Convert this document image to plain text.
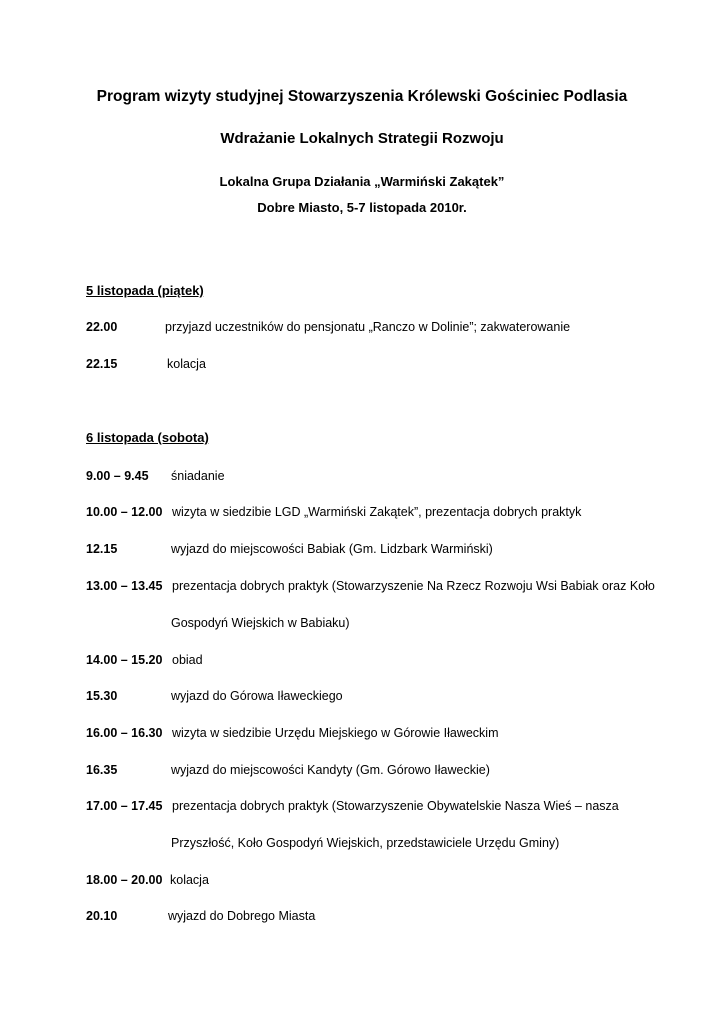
Program wizyty studyjnej Stowarzyszenia Królewski Gościniec Podlasia
Wdrażanie Lokalnych Strategii Rozwoju
Lokalna Grupa Działania „Warmiński Zakątek”
Dobre Miasto, 5-7 listopada 2010r.
5 listopada (piątek)
22.00	przyjazd uczestników do pensjonatu „Ranczo w Dolinie”; zakwaterowanie
22.15	kolacja
6 listopada (sobota)
9.00 – 9.45 śniadanie
10.00 – 12.00 wizyta w siedzibie LGD „Warmiński Zakątek”, prezentacja dobrych praktyk
12.15	wyjazd do miejscowości Babiak (Gm. Lidzbark Warmiński)
13.00 – 13.45 prezentacja dobrych praktyk (Stowarzyszenie Na Rzecz Rozwoju Wsi Babiak oraz Koło
Gospodyń Wiejskich w Babiaku)
14.00 – 15.20 obiad
15.30	wyjazd do Górowa Iławeckiego
16.00 – 16.30 wizyta w siedzibie Urzędu Miejskiego w Górowie Iławeckim
16.35	wyjazd do miejscowości Kandyty (Gm. Górowo Iławeckie)
17.00 – 17.45 prezentacja dobrych praktyk (Stowarzyszenie Obywatelskie Nasza Wieś – nasza
Przyszłość, Koło Gospodyń Wiejskich, przedstawiciele Urzędu Gminy)
18.00 – 20.00 kolacja
20.10	wyjazd do Dobrego Miasta
